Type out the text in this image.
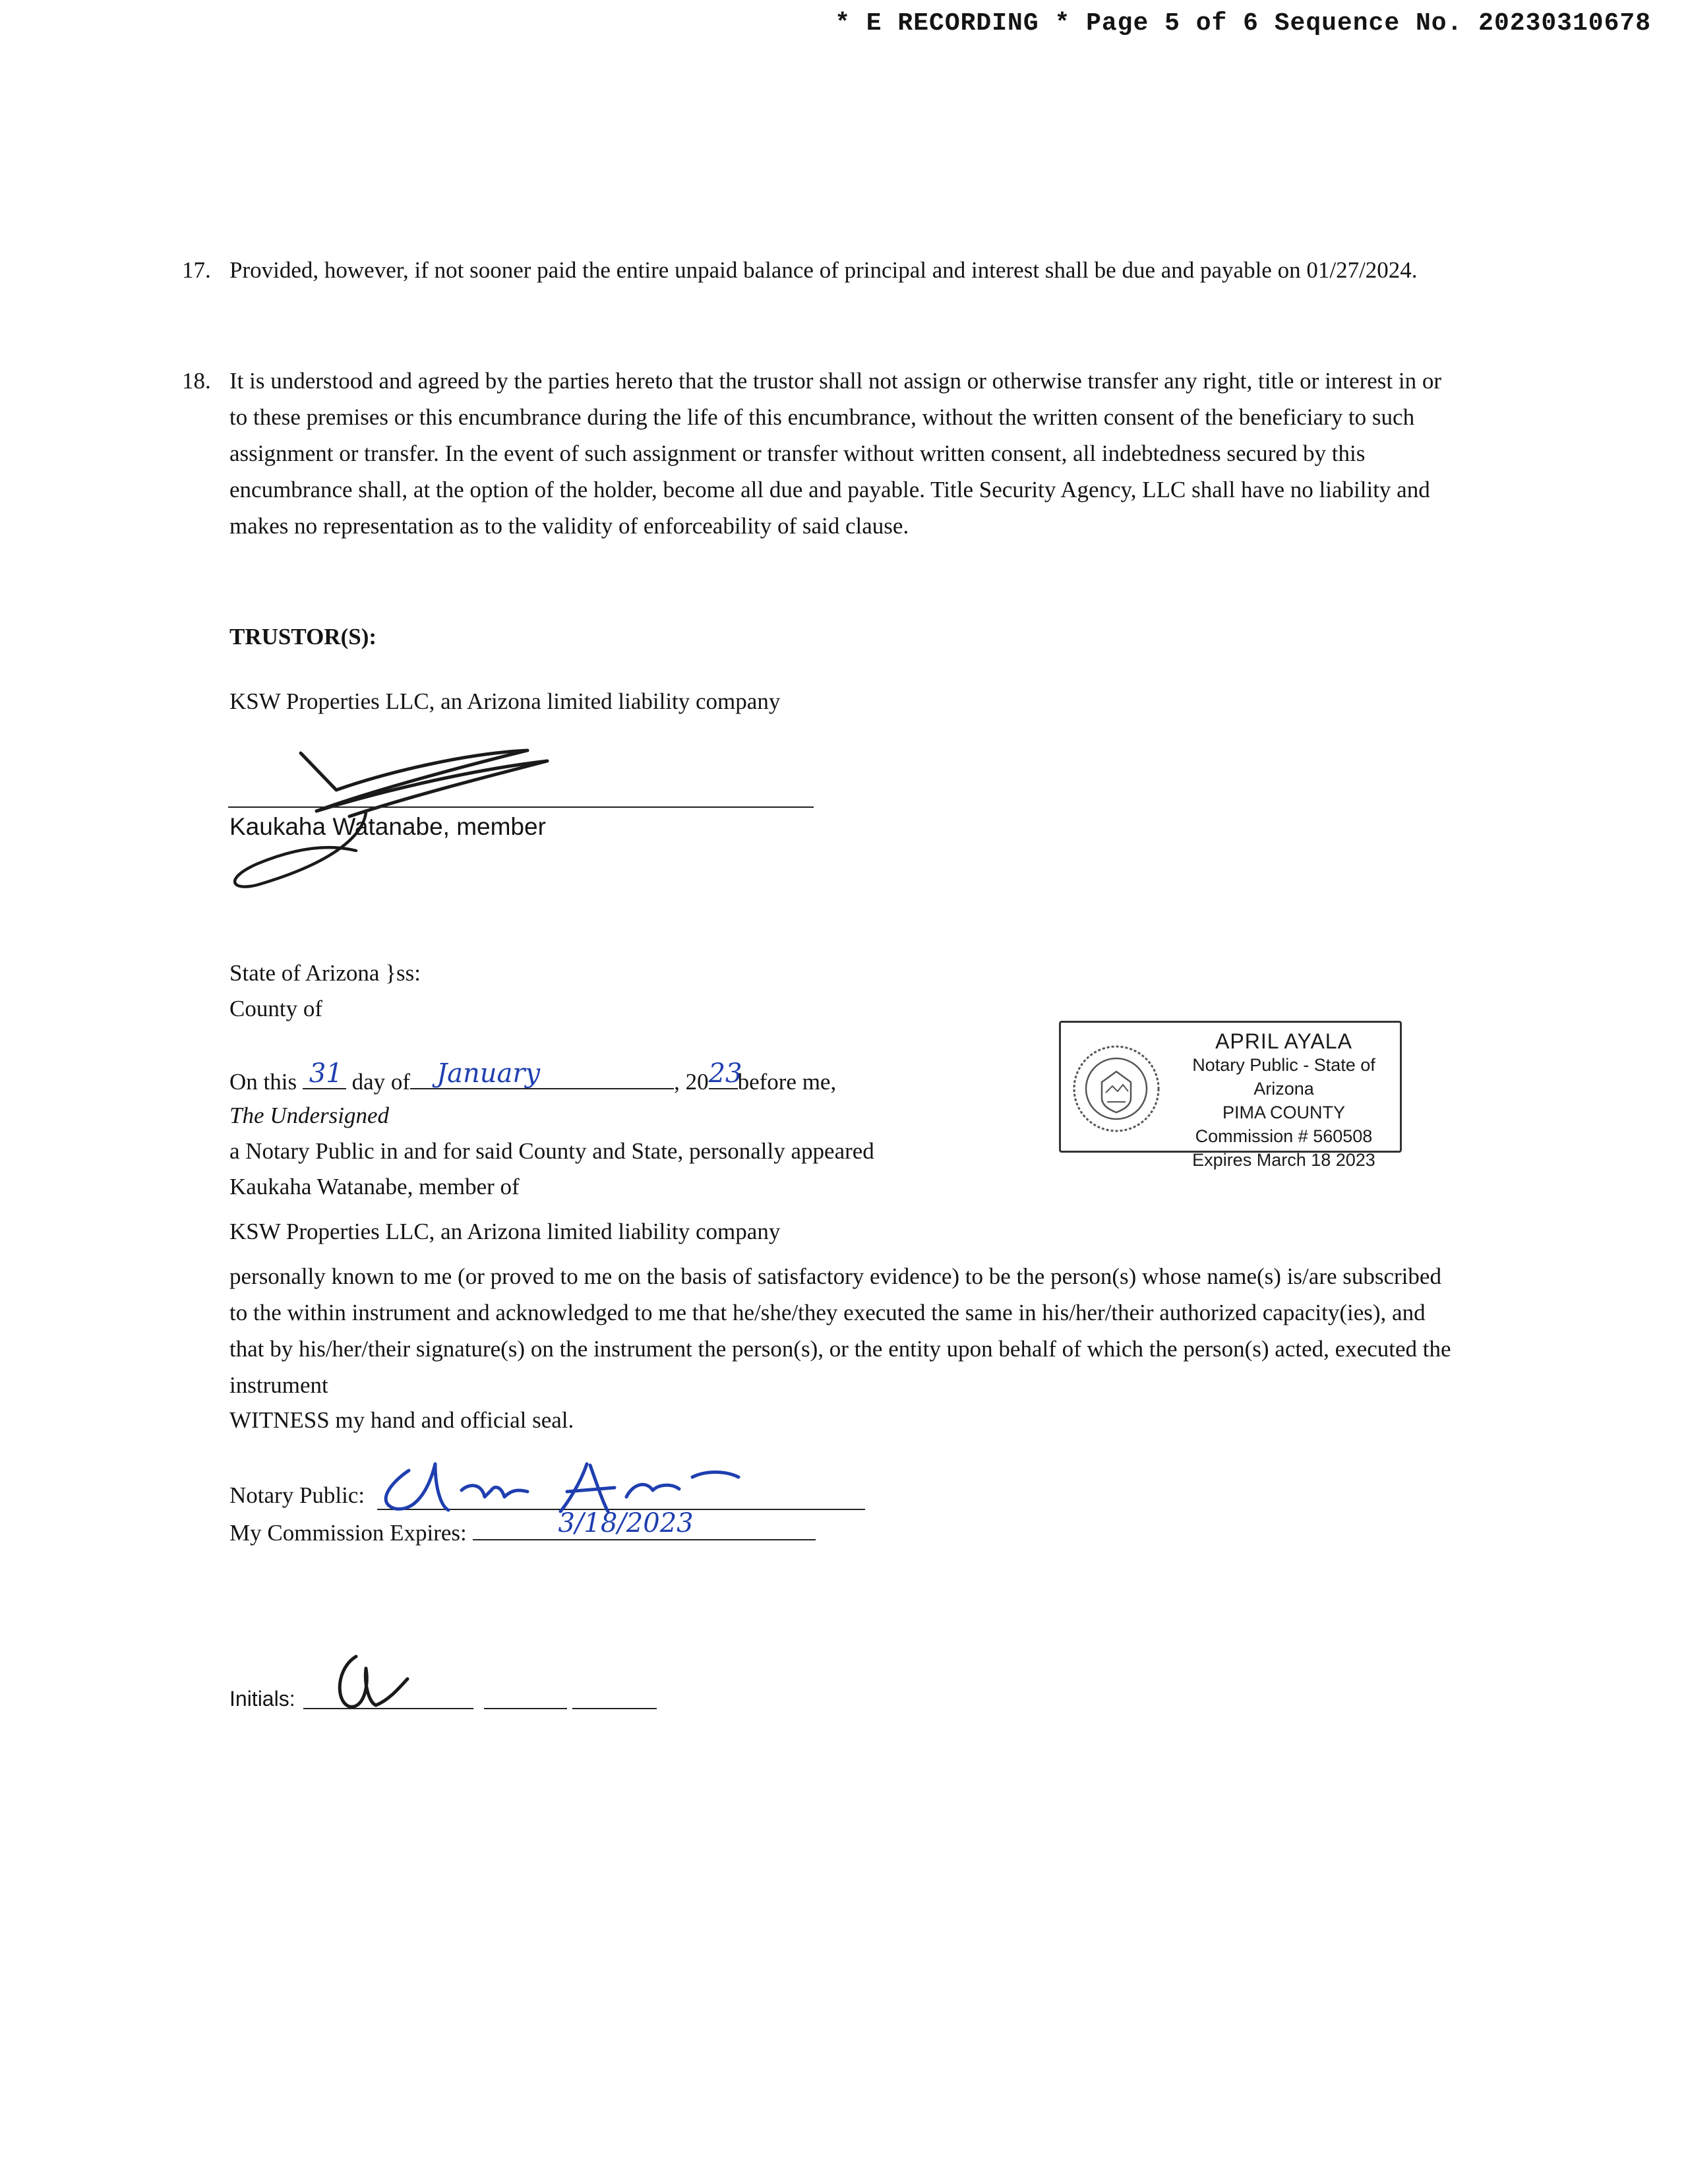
* E RECORDING * Page 5 of 6 Sequence No. 20230310678
17. Provided, however, if not sooner paid the entire unpaid balance of principal and interest shall be due and payable on 01/27/2024.
18. It is understood and agreed by the parties hereto that the trustor shall not assign or otherwise transfer any right, title or interest in or to these premises or this encumbrance during the life of this encumbrance, without the written consent of the beneficiary to such assignment or transfer. In the event of such assignment or transfer without written consent, all indebtedness secured by this encumbrance shall, at the option of the holder, become all due and payable. Title Security Agency, LLC shall have no liability and makes no representation as to the validity of enforceability of said clause.
TRUSTOR(S):
KSW Properties LLC, an Arizona limited liability company
Kaukaha Watanabe, member
State of Arizona }ss:
County of
On this 31 day of January	, 20 23
before me,
The Undersigned
a Notary Public in and for said County and State, personally appeared
Kaukaha Watanabe, member of
KSW Properties LLC, an Arizona limited liability company
personally known to me (or proved to me on the basis of satisfactory evidence) to be the person(s) whose name(s) is/are subscribed to the within instrument and acknowledged to me that he/she/they executed the same in his/her/their authorized capacity(ies), and that by his/her/their signature(s) on the instrument the person(s), or the entity upon behalf of which the person(s) acted, executed the instrument
WITNESS my hand and official seal.
Notary Public:
My Commission Expires:	3/18/2023
APRIL AYALA
Notary Public - State of Arizona
PIMA COUNTY
Commission # 560508
Expires March 18 2023
Initials:
